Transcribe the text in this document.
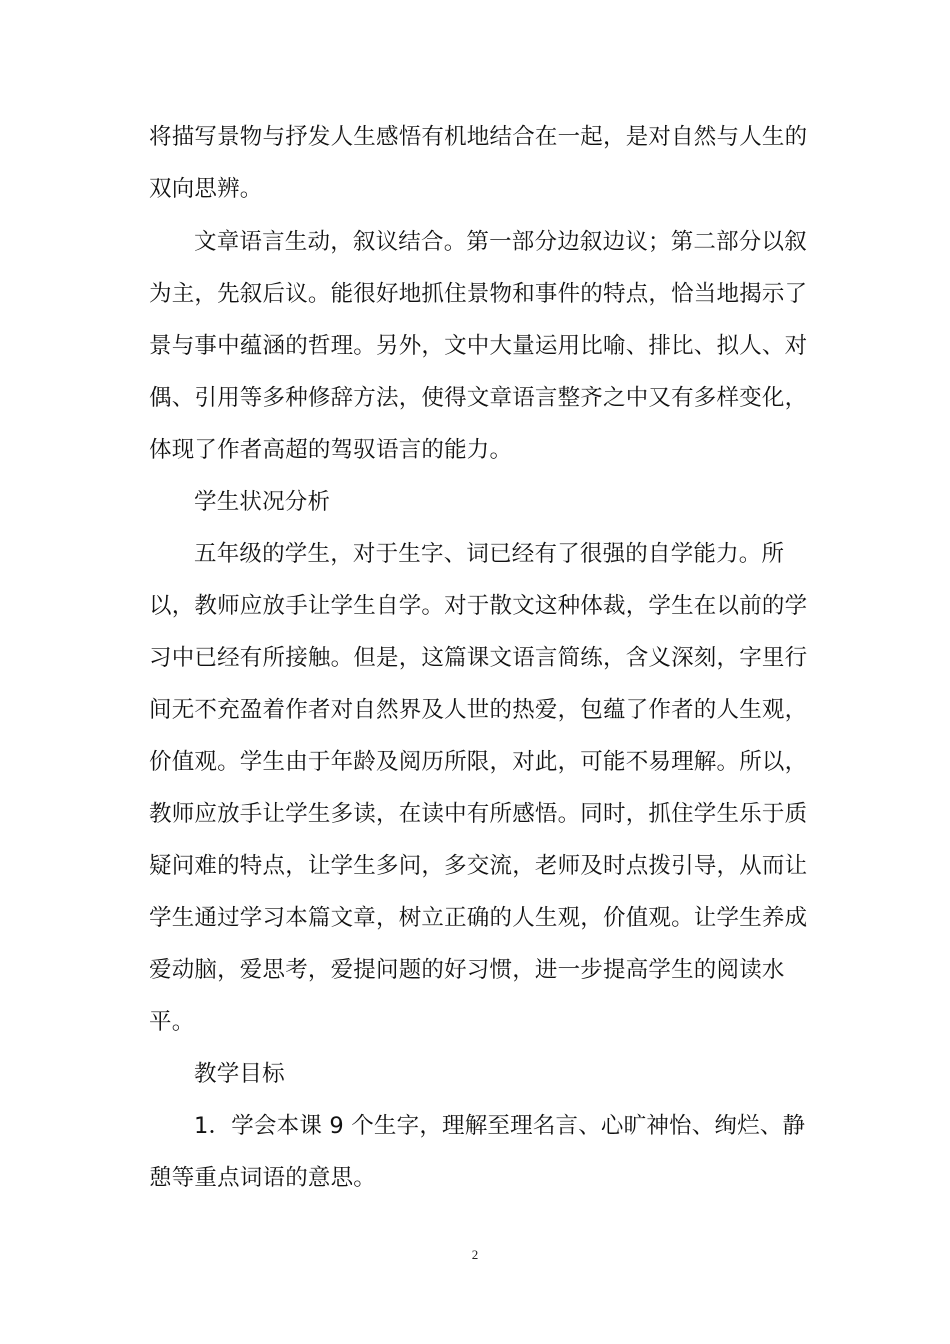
将描写景物与抒发人生感悟有机地结合在一起，是对自然与人生的
双向思辨。
文章语言生动，叙议结合。第一部分边叙边议；第二部分以叙
为主，先叙后议。能很好地抓住景物和事件的特点，恰当地揭示了
景与事中蕴涵的哲理。另外，文中大量运用比喻、排比、拟人、对
偶、引用等多种修辞方法，使得文章语言整齐之中又有多样变化，
体现了作者高超的驾驭语言的能力。
学生状况分析
五年级的学生，对于生字、词已经有了很强的自学能力。所
以，教师应放手让学生自学。对于散文这种体裁，学生在以前的学
习中已经有所接触。但是，这篇课文语言简练，含义深刻，字里行
间无不充盈着作者对自然界及人世的热爱，包蕴了作者的人生观，
价值观。学生由于年龄及阅历所限，对此，可能不易理解。所以，
教师应放手让学生多读，在读中有所感悟。同时，抓住学生乐于质
疑问难的特点，让学生多问，多交流，老师及时点拨引导，从而让
学生通过学习本篇文章，树立正确的人生观，价值观。让学生养成
爱动脑，爱思考，爱提问题的好习惯，进一步提高学生的阅读水
平。
教学目标
1．学会本课 9 个生字，理解至理名言、心旷神怡、绚烂、静
憩等重点词语的意思。
2
